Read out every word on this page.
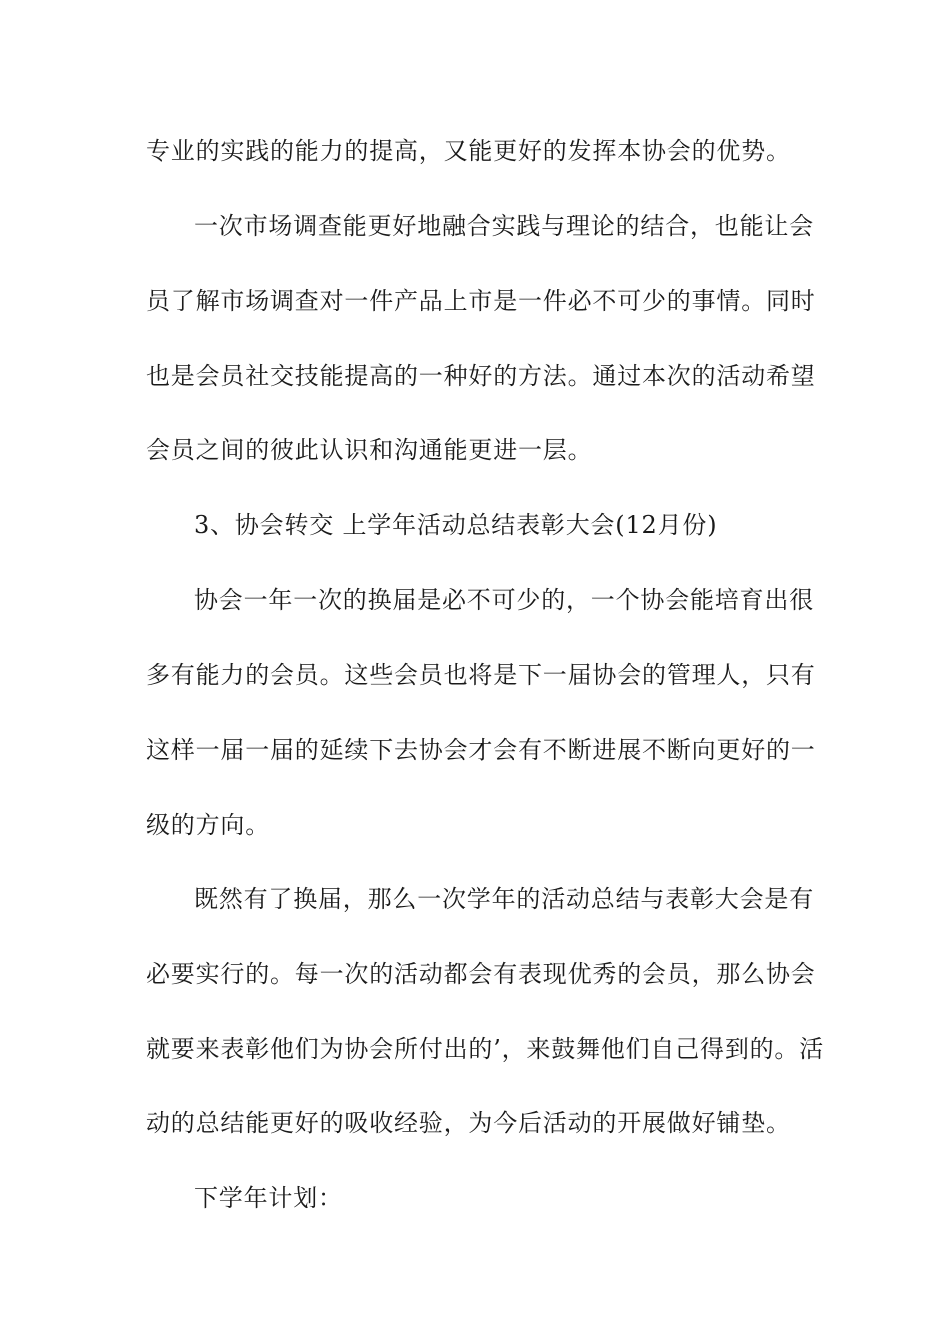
专业的实践的能力的提高，又能更好的发挥本协会的优势。
一次市场调查能更好地融合实践与理论的结合，也能让会
员了解市场调查对一件产品上市是一件必不可少的事情。同时
也是会员社交技能提高的一种好的方法。通过本次的活动希望
会员之间的彼此认识和沟通能更进一层。
3、协会转交 上学年活动总结表彰大会(12月份)
协会一年一次的换届是必不可少的，一个协会能培育出很
多有能力的会员。这些会员也将是下一届协会的管理人，只有
这样一届一届的延续下去协会才会有不断进展不断向更好的一
级的方向。
既然有了换届，那么一次学年的活动总结与表彰大会是有
必要实行的。每一次的活动都会有表现优秀的会员，那么协会
就要来表彰他们为协会所付出的’，来鼓舞他们自己得到的。活
动的总结能更好的吸收经验，为今后活动的开展做好铺垫。
下学年计划：
